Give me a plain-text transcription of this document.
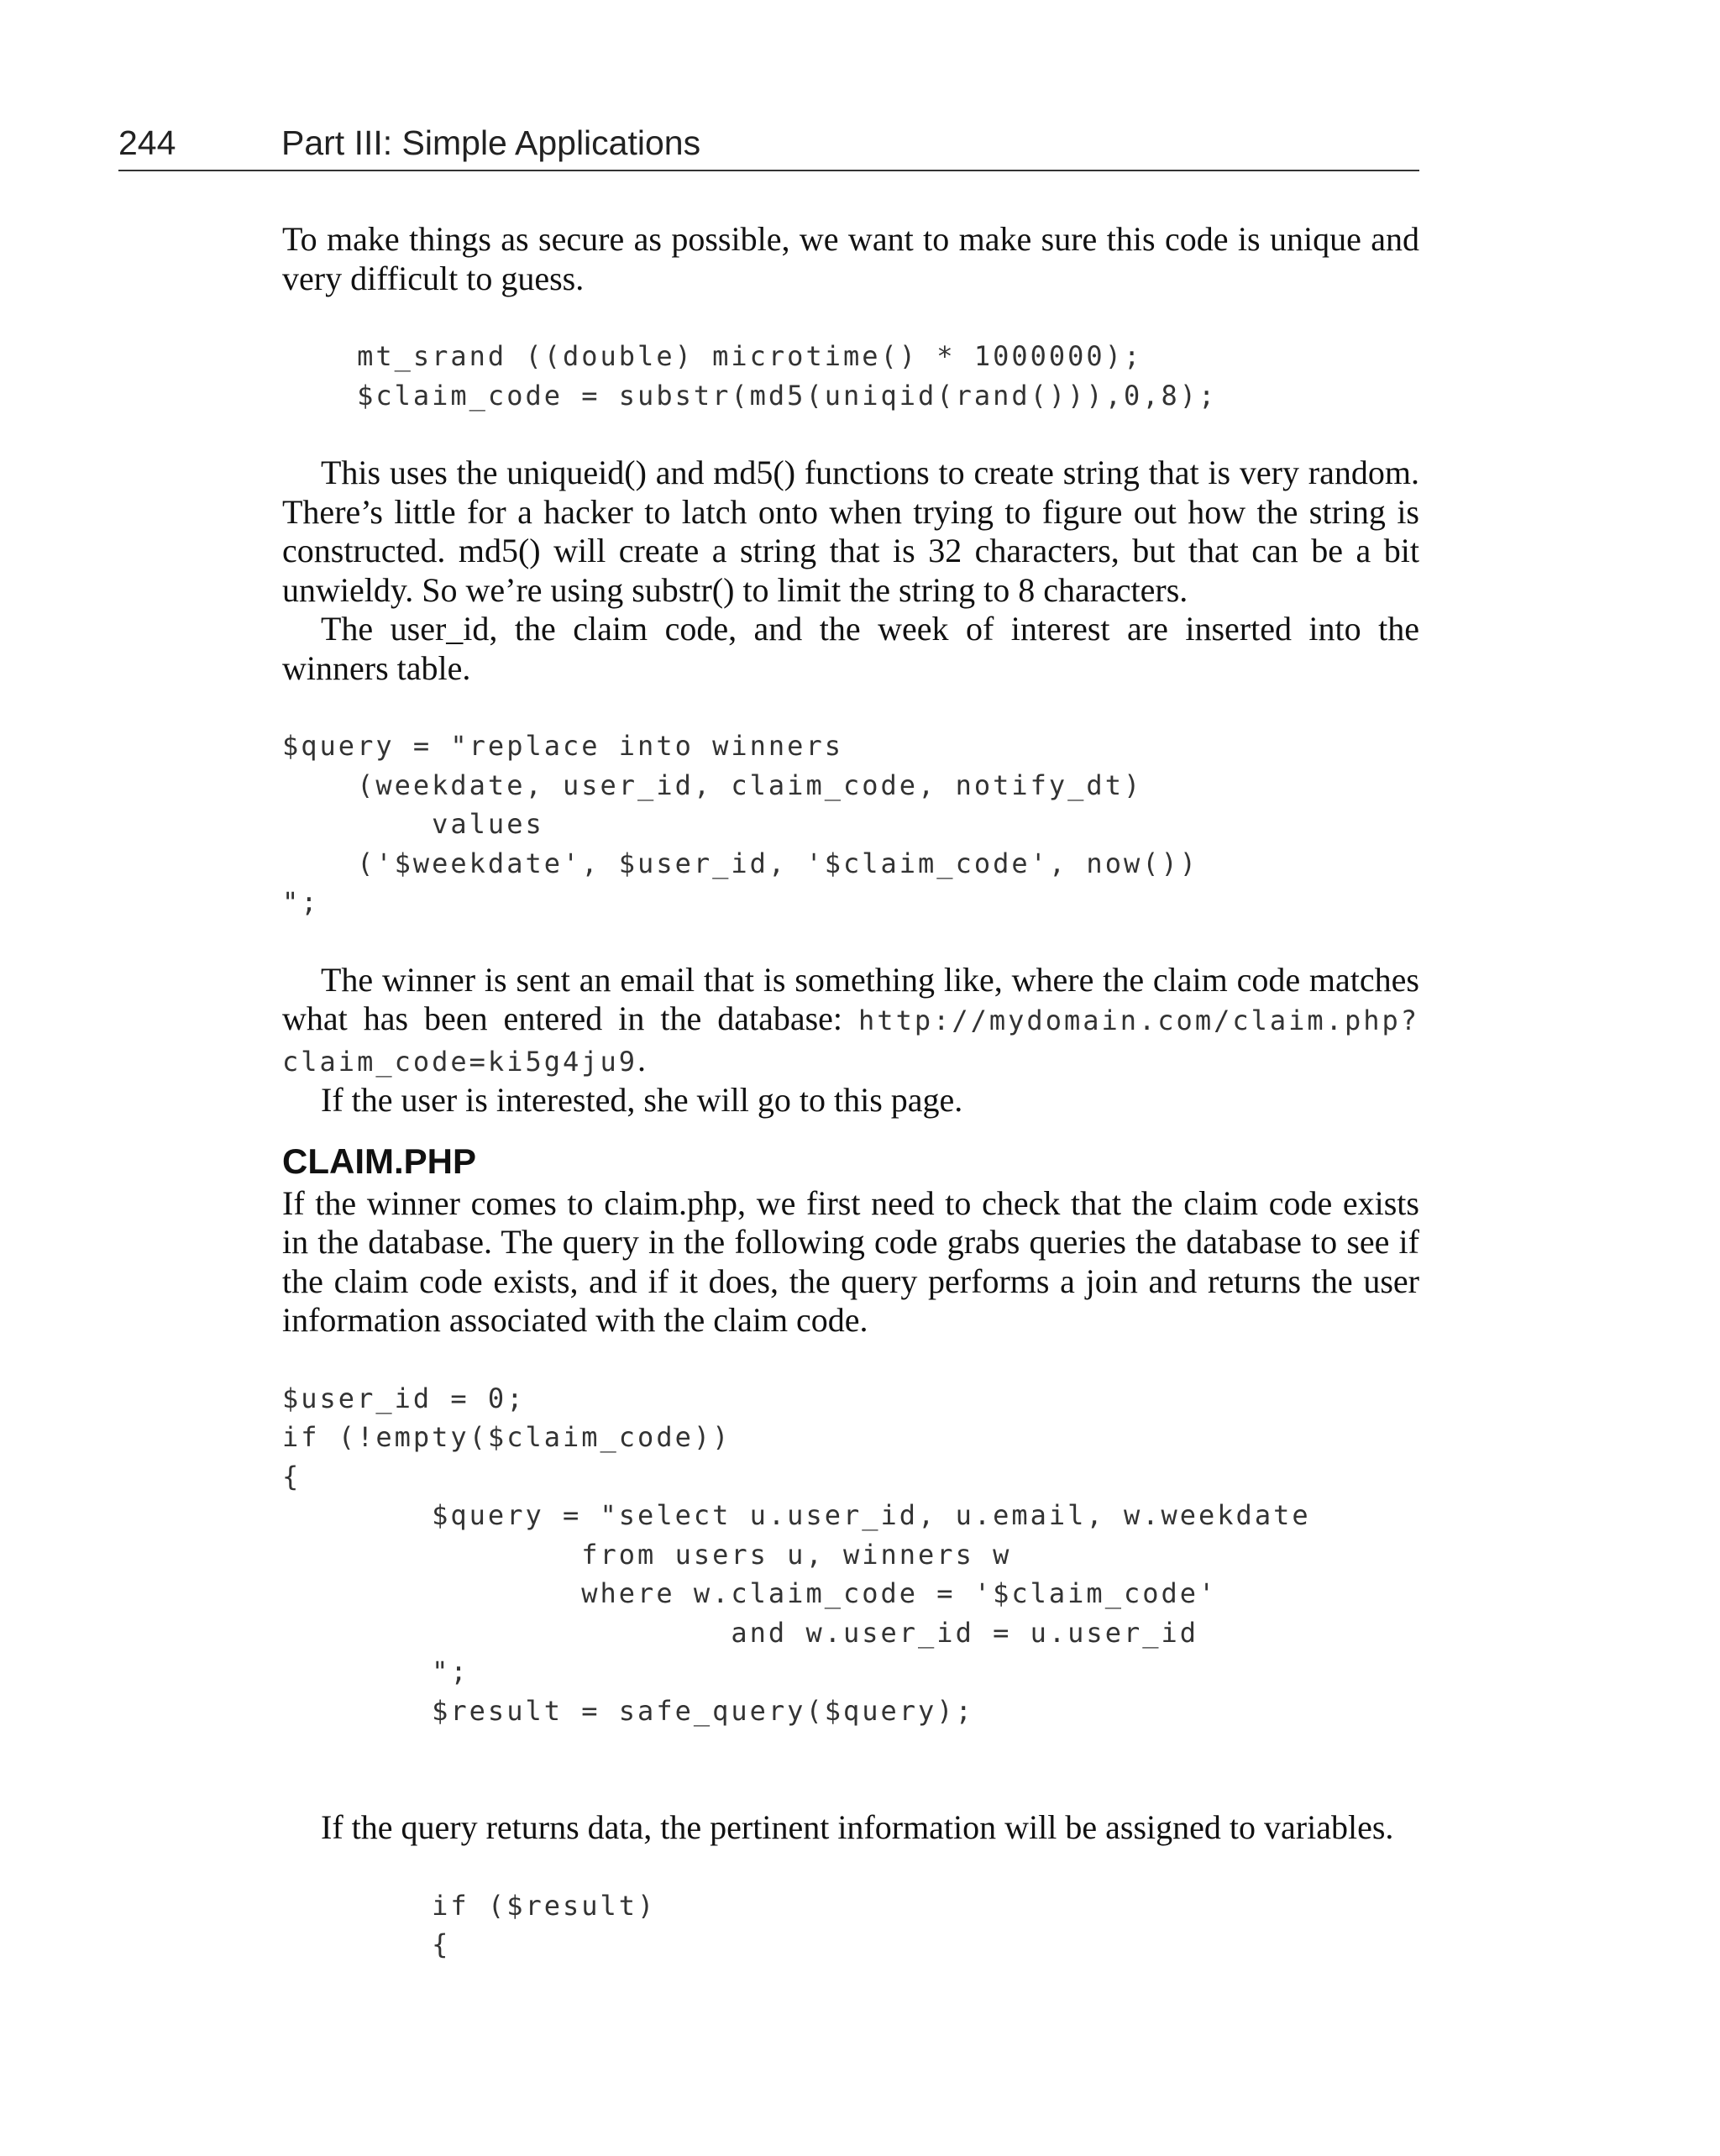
244	Part III: Simple Applications

To make things as secure as possible, we want to make sure this code is unique and very difficult to guess.

mt_srand ((double) microtime() * 1000000);
$claim_code = substr(md5(uniqid(rand())),0,8);

This uses the uniqueid() and md5() functions to create string that is very random. There’s little for a hacker to latch onto when trying to figure out how the string is constructed. md5() will create a string that is 32 characters, but that can be a bit unwieldy. So we’re using substr() to limit the string to 8 characters.

The user_id, the claim code, and the week of interest are inserted into the winners table.

$query = "replace into winners
(weekdate, user_id, claim_code, notify_dt)
values
('$weekdate', $user_id, '$claim_code', now())
";

The winner is sent an email that is something like, where the claim code matches what has been entered in the database: http://mydomain.com/claim.php?claim_code=ki5g4ju9.

If the user is interested, she will go to this page.

CLAIM.PHP

If the winner comes to claim.php, we first need to check that the claim code exists in the database. The query in the following code grabs queries the database to see if the claim code exists, and if it does, the query performs a join and returns the user information associated with the claim code.

$user_id = 0;
if (!empty($claim_code))
{
$query = "select u.user_id, u.email, w.weekdate
from users u, winners w
where w.claim_code = '$claim_code'
and w.user_id = u.user_id
";
$result = safe_query($query);

If the query returns data, the pertinent information will be assigned to variables.

if ($result)
{
